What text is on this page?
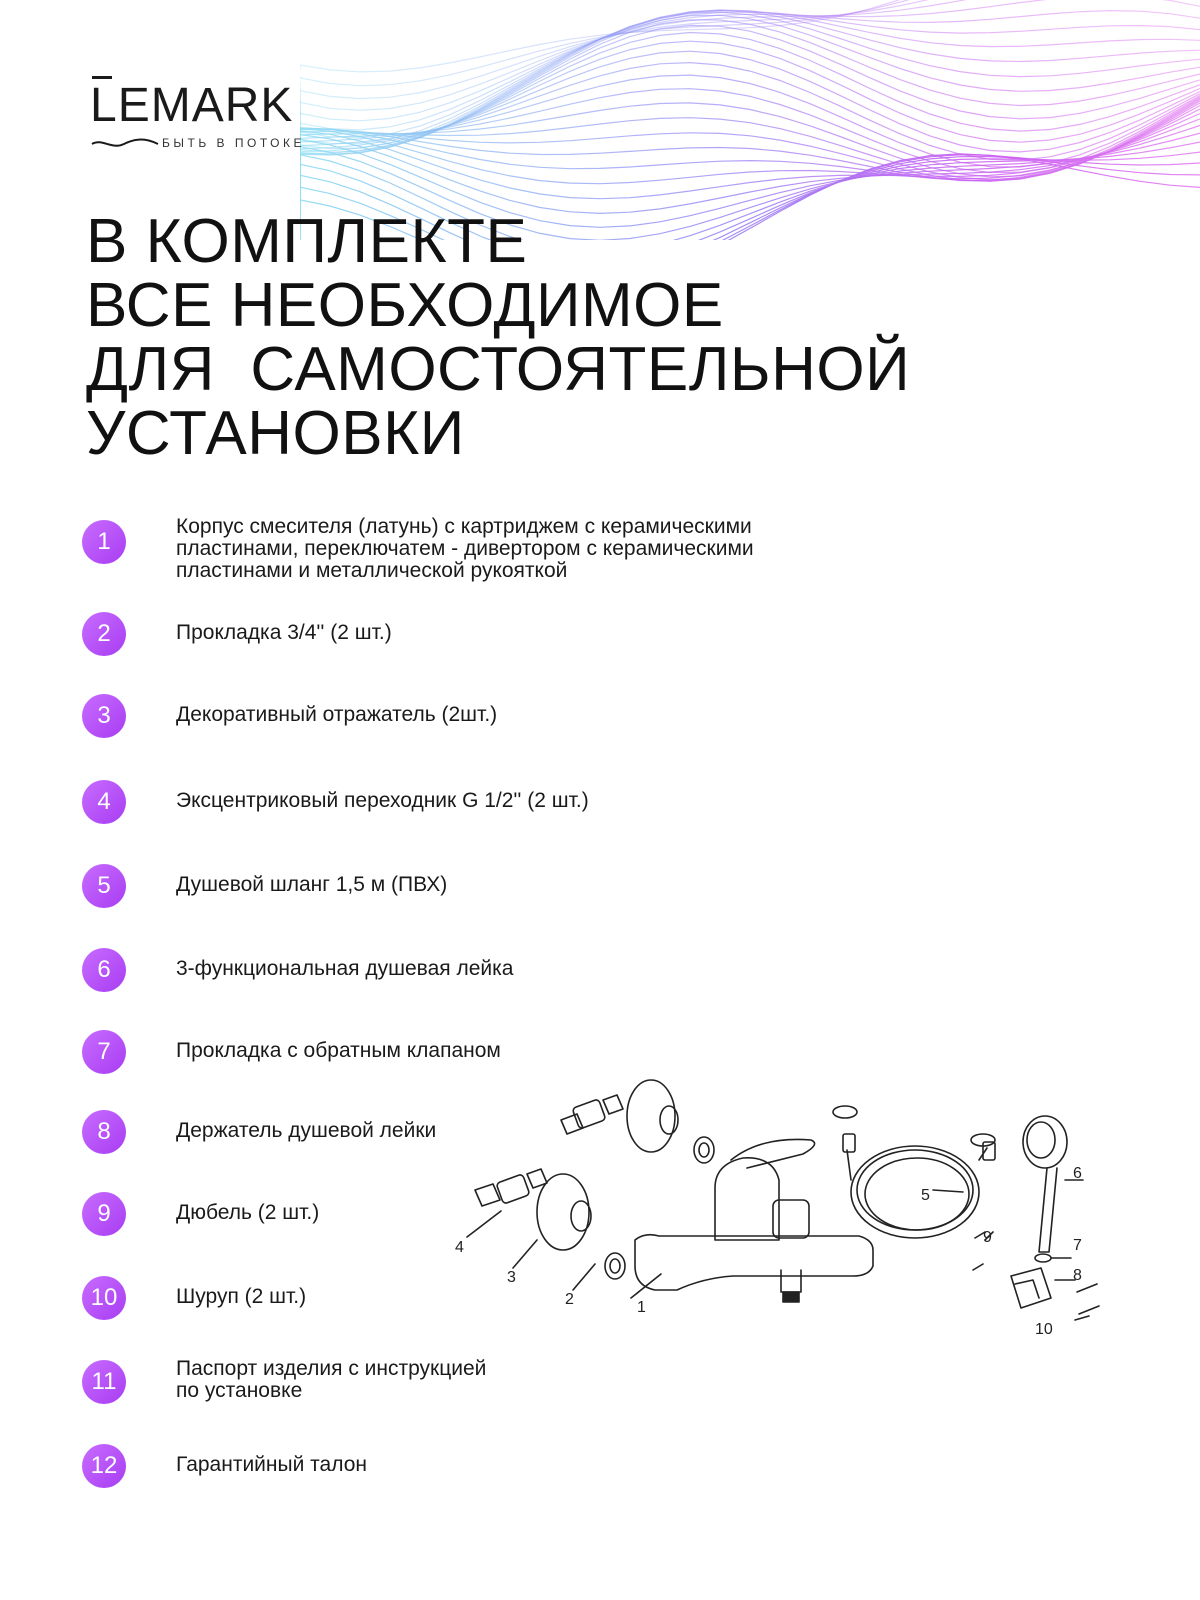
LEMARK
БЫТЬ В ПОТОКЕ
В КОМПЛЕКТЕ
ВСЕ НЕОБХОДИМОЕ
ДЛЯ  САМОСТОЯТЕЛЬНОЙ
УСТАНОВКИ
1
Корпус смесителя (латунь) с картриджем с керамическими
пластинами, переключатем - дивертором с керамическими
пластинами и металлической рукояткой
2	Прокладка 3/4'' (2 шт.)
3	Декоративный отражатель (2шт.)
4	Эксцентриковый переходник G 1/2'' (2 шт.)
5	Душевой шланг 1,5 м (ПВХ)
6	3-функциональная душевая лейка
7	Прокладка с обратным клапаном
8	Держатель душевой лейки
9	Дюбель (2 шт.)
10	Шуруп (2 шт.)
11	Паспорт изделия с инструкцией
по установке
12	Гарантийный талон
1
2
3
4
5
6
7
8
9
10
